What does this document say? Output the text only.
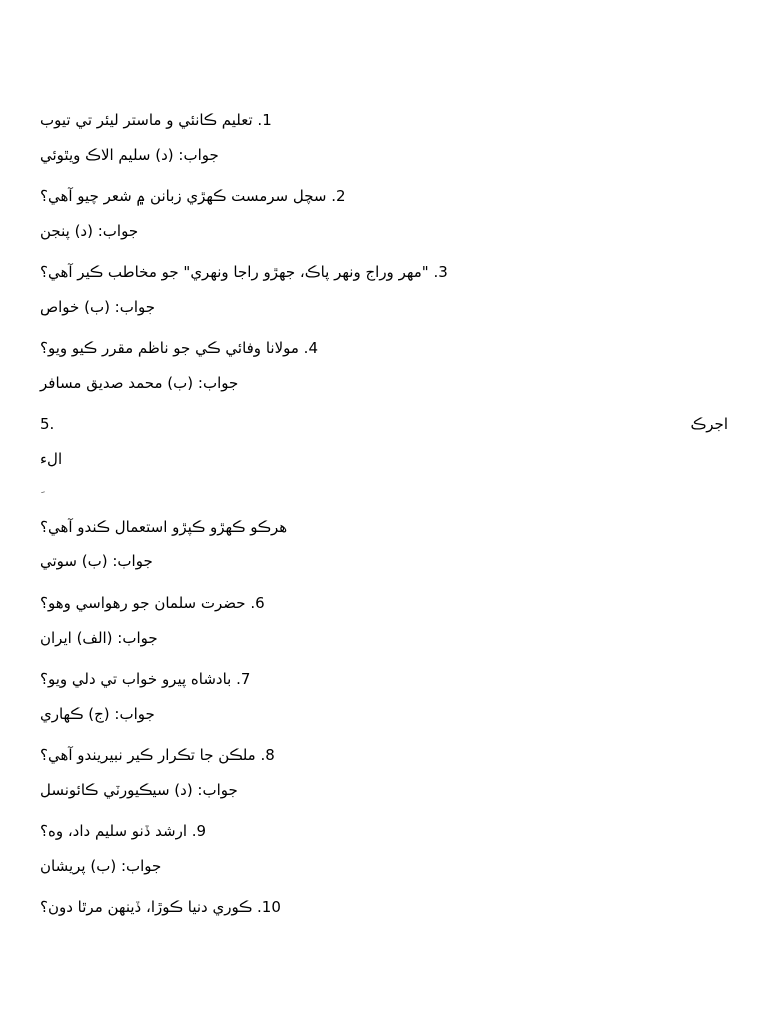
1. تعليم ڪانئي و ماستر ليئر تي تيوب
جواب: (د) سليم الاڪ ويٿوئي
2. سچل سرمست ڪهڙي زبانن ۾ شعر چيو آهي؟
جواب: (د) پنجن
3. "مهر وراج ونهر پاڪ، جهڙو راجا ونهري" جو مخاطب ڪير آهي؟
جواب: (ب) خواص
4. مولانا وفائي ڪي جو ناظم مقرر ڪيو ويو؟
جواب: (ب) محمد صديق مسافر
5.	اجرڪ
الء
هرڪو ڪهڙو ڪپڙو استعمال ڪندو آهي؟
جواب: (ب) سوتي
6. حضرت سلمان جو رهواسي وهو؟
جواب: (الف) ايران
7. بادشاه پيرو خواب تي دلي ويو؟
جواب: (ج) ڪهاري
8. ملڪن جا تڪرار ڪير نبيريندو آهي؟
جواب: (د) سيڪيورٽي ڪائونسل
9. ارشد ڏنو سليم داد، وه؟
جواب: (ب) پريشان
10. ڪوري دنيا ڪوڙا، ڏينهن مرٿا دون؟
